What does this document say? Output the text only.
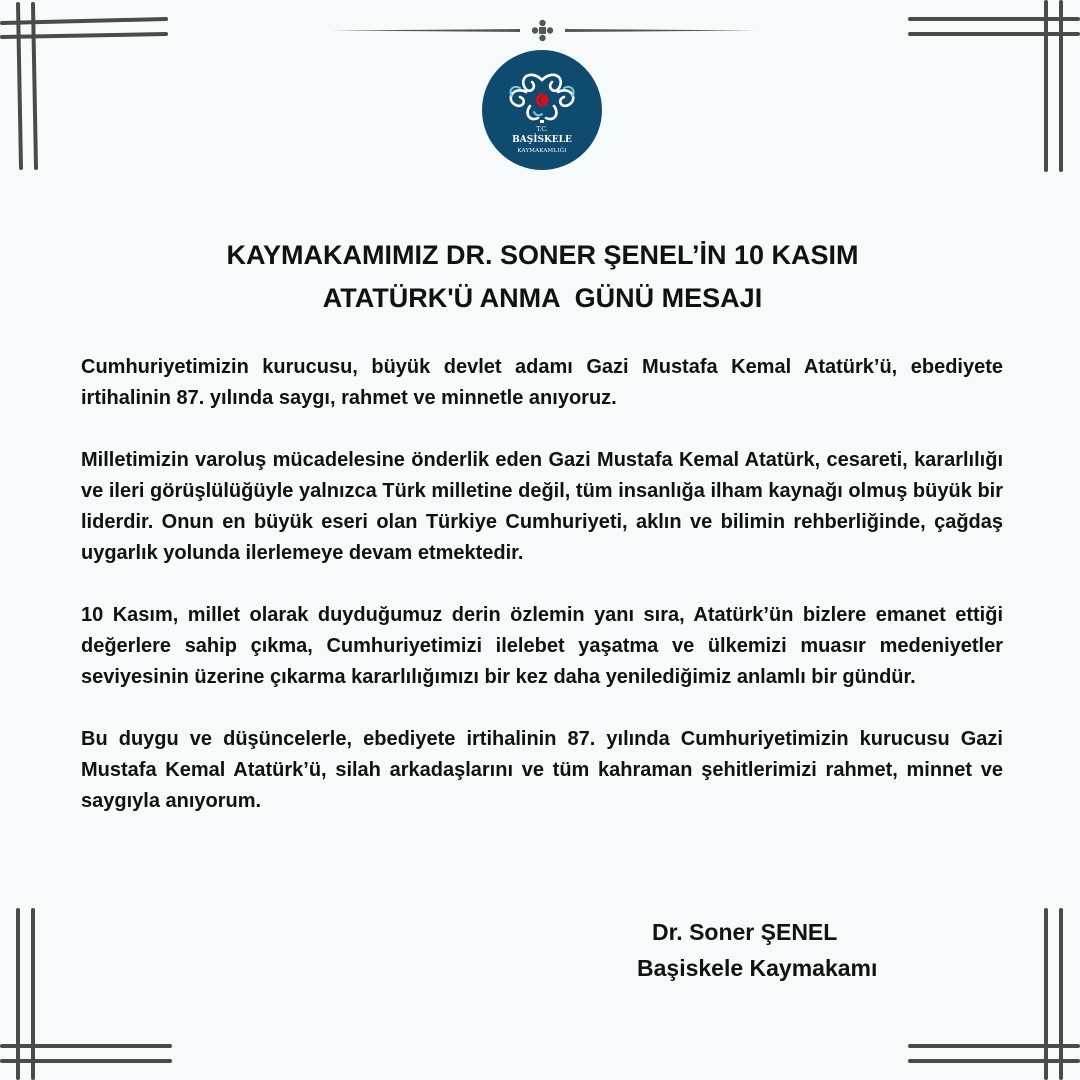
T.C.
BAŞİSKELE
KAYMAKAMLIĞI
KAYMAKAMIMIZ DR. SONER ŞENEL’İN 10 KASIM
ATATÜRK'Ü ANMA  GÜNÜ MESAJI

Cumhuriyetimizin kurucusu, büyük devlet adamı Gazi Mustafa Kemal Atatürk’ü, ebediyete irtihalinin 87. yılında saygı, rahmet ve minnetle anıyoruz.

Milletimizin varoluş mücadelesine önderlik eden Gazi Mustafa Kemal Atatürk, cesareti, kararlılığı ve ileri görüşlülüğüyle yalnızca Türk milletine değil, tüm insanlığa ilham kaynağı olmuş büyük bir liderdir. Onun en büyük eseri olan Türkiye Cumhuriyeti, aklın ve bilimin rehberliğinde, çağdaş uygarlık yolunda ilerlemeye devam etmektedir.

10 Kasım, millet olarak duyduğumuz derin özlemin yanı sıra, Atatürk’ün bizlere emanet ettiği değerlere sahip çıkma, Cumhuriyetimizi ilelebet yaşatma ve ülkemizi muasır medeniyetler seviyesinin üzerine çıkarma kararlılığımızı bir kez daha yenilediğimiz anlamlı bir gündür.

Bu duygu ve düşüncelerle, ebediyete irtihalinin 87. yılında Cumhuriyetimizin kurucusu Gazi Mustafa Kemal Atatürk’ü, silah arkadaşlarını ve tüm kahraman şehitlerimizi rahmet, minnet ve saygıyla anıyorum.

Dr. Soner ŞENEL
Başiskele Kaymakamı
